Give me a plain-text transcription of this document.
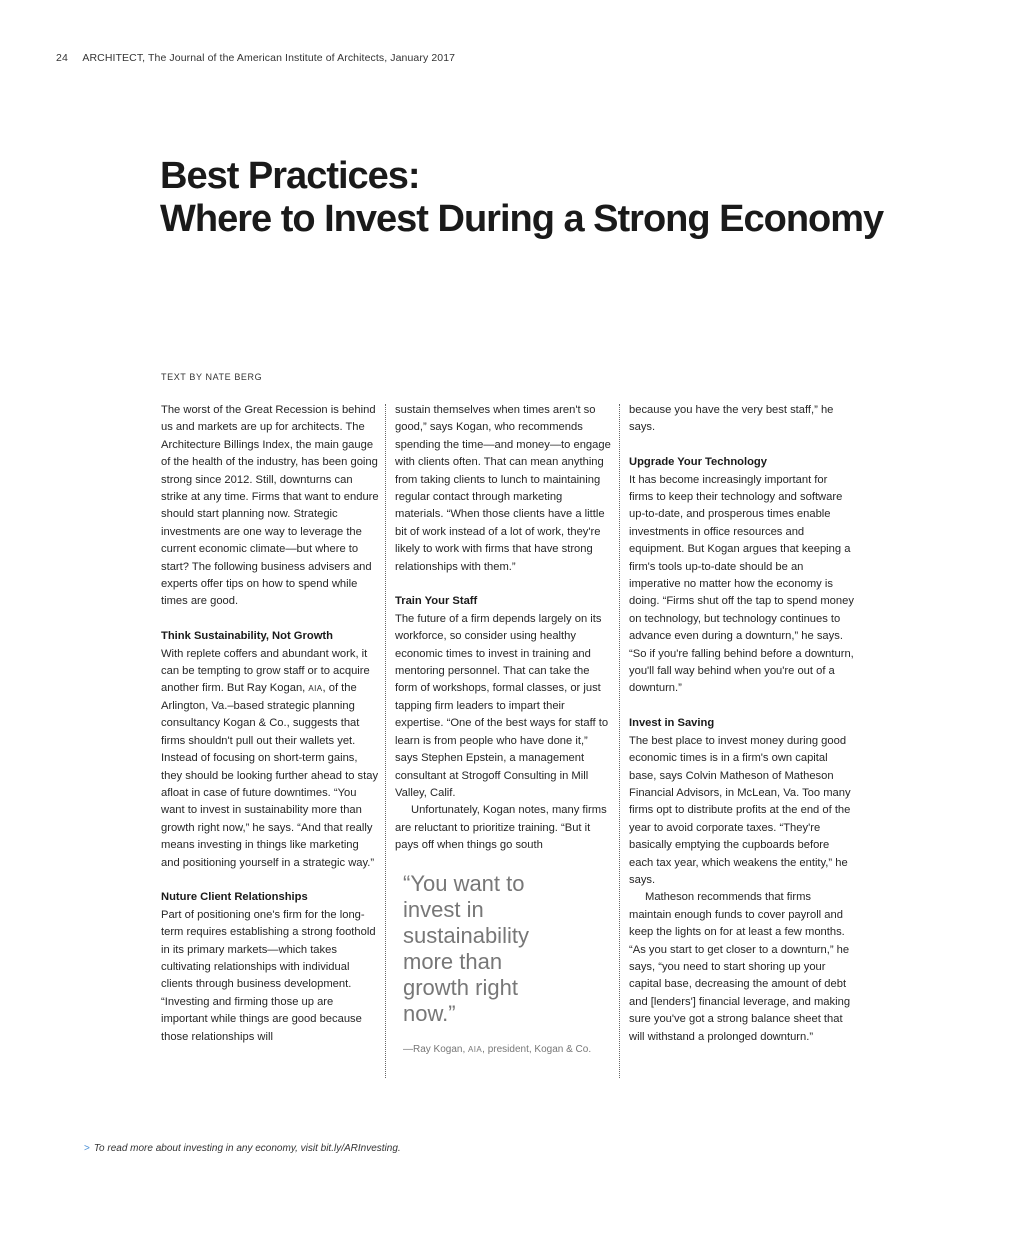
24 ARCHITECT, The Journal of the American Institute of Architects, January 2017
Best Practices:
Where to Invest During a Strong Economy
TEXT BY NATE BERG

The worst of the Great Recession is behind us and markets are up for architects. The Architecture Billings Index, the main gauge of the health of the industry, has been going strong since 2012. Still, downturns can strike at any time. Firms that want to endure should start planning now. Strategic investments are one way to leverage the current economic climate—but where to start? The following business advisers and experts offer tips on how to spend while times are good.

Think Sustainability, Not Growth

With replete coffers and abundant work, it can be tempting to grow staff or to acquire another firm. But Ray Kogan, AIA, of the Arlington, Va.–based strategic planning consultancy Kogan & Co., suggests that firms shouldn't pull out their wallets yet. Instead of focusing on short-term gains, they should be looking further ahead to stay afloat in case of future downtimes. “You want to invest in sustainability more than growth right now,” he says. “And that really means investing in things like marketing and positioning yourself in a strategic way.”

Nuture Client Relationships

Part of positioning one's firm for the long-term requires establishing a strong foothold in its primary markets—which takes cultivating relationships with individual clients through business development. “Investing and firming those up are important while things are good because those relationships will

sustain themselves when times aren't so good,” says Kogan, who recommends spending the time—and money—to engage with clients often. That can mean anything from taking clients to lunch to maintaining regular contact through marketing materials. “When those clients have a little bit of work instead of a lot of work, they're likely to work with firms that have strong relationships with them.”

Train Your Staff

The future of a firm depends largely on its workforce, so consider using healthy economic times to invest in training and mentoring personnel. That can take the form of workshops, formal classes, or just tapping firm leaders to impart their expertise. “One of the best ways for staff to learn is from people who have done it,” says Stephen Epstein, a management consultant at Strogoff Consulting in Mill Valley, Calif.

Unfortunately, Kogan notes, many firms are reluctant to prioritize training. “But it pays off when things go south

“You want to invest in sustainability more than growth right now.”
—Ray Kogan, AIA, president, Kogan & Co.

because you have the very best staff,” he says.

Upgrade Your Technology

It has become increasingly important for firms to keep their technology and software up-to-date, and prosperous times enable investments in office resources and equipment. But Kogan argues that keeping a firm's tools up-to-date should be an imperative no matter how the economy is doing. “Firms shut off the tap to spend money on technology, but technology continues to advance even during a downturn,” he says. “So if you're falling behind before a downturn, you'll fall way behind when you're out of a downturn.”

Invest in Saving

The best place to invest money during good economic times is in a firm's own capital base, says Colvin Matheson of Matheson Financial Advisors, in McLean, Va. Too many firms opt to distribute profits at the end of the year to avoid corporate taxes. “They're basically emptying the cupboards before each tax year, which weakens the entity,” he says.

Matheson recommends that firms maintain enough funds to cover payroll and keep the lights on for at least a few months. “As you start to get closer to a downturn,” he says, “you need to start shoring up your capital base, decreasing the amount of debt and [lenders'] financial leverage, and making sure you've got a strong balance sheet that will withstand a prolonged downturn.”

> To read more about investing in any economy, visit bit.ly/ARInvesting.
